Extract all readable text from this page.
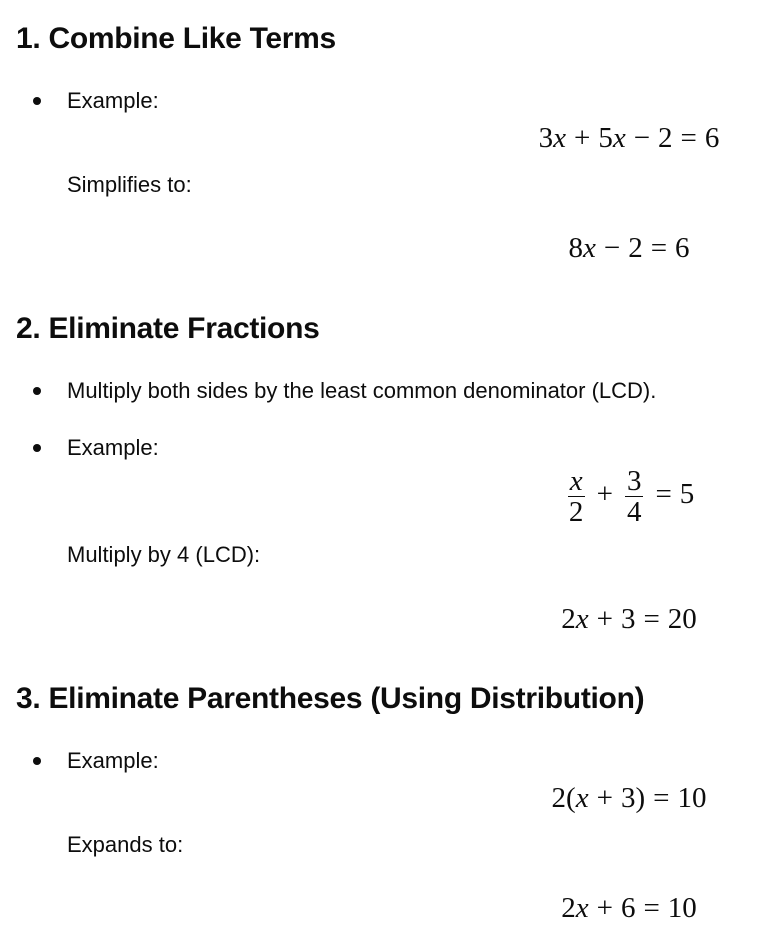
1. Combine Like Terms
Example:
3x + 5x − 2 = 6
Simplifies to:
8x − 2 = 6
2. Eliminate Fractions
Multiply both sides by the least common denominator (LCD).
Example:
$\frac{x}{2} + \frac{3}{4} = 5$
Multiply by 4 (LCD):
2x + 3 = 20
3. Eliminate Parentheses (Using Distribution)
Example:
2(x + 3) = 10
Expands to:
2x + 6 = 10
